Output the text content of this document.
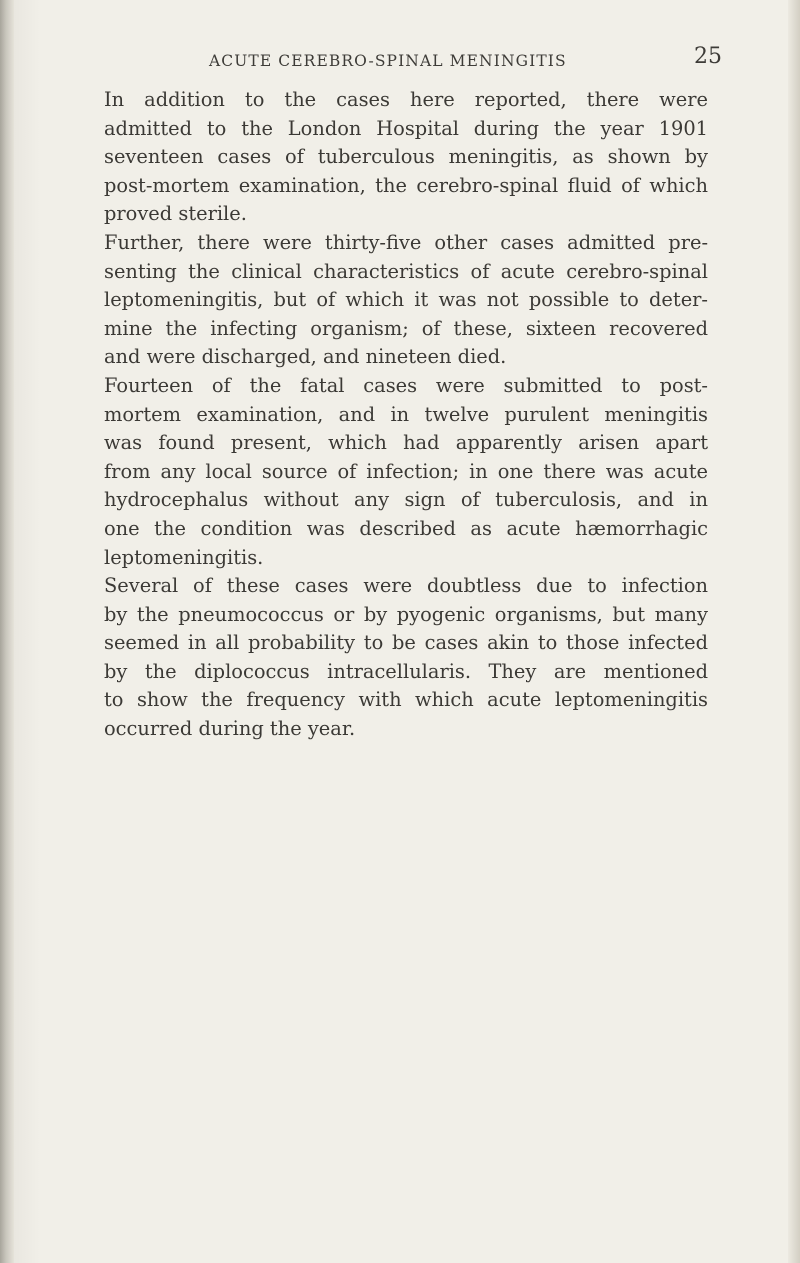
ACUTE CEREBRO-SPINAL MENINGITIS	25
In addition to the cases here reported, there were
admitted to the London Hospital during the year 1901
seventeen cases of tuberculous meningitis, as shown by
post-mortem examination, the cerebro-spinal fluid of which
proved sterile.
Further, there were thirty-five other cases admitted pre-
senting the clinical characteristics of acute cerebro-spinal
leptomeningitis, but of which it was not possible to deter-
mine the infecting organism; of these, sixteen recovered
and were discharged, and nineteen died.
Fourteen of the fatal cases were submitted to post-
mortem examination, and in twelve purulent meningitis
was found present, which had apparently arisen apart
from any local source of infection; in one there was acute
hydrocephalus without any sign of tuberculosis, and in
one the condition was described as acute hæmorrhagic
leptomeningitis.
Several of these cases were doubtless due to infection
by the pneumococcus or by pyogenic organisms, but many
seemed in all probability to be cases akin to those infected
by the diplococcus intracellularis. They are mentioned
to show the frequency with which acute leptomeningitis
occurred during the year.
